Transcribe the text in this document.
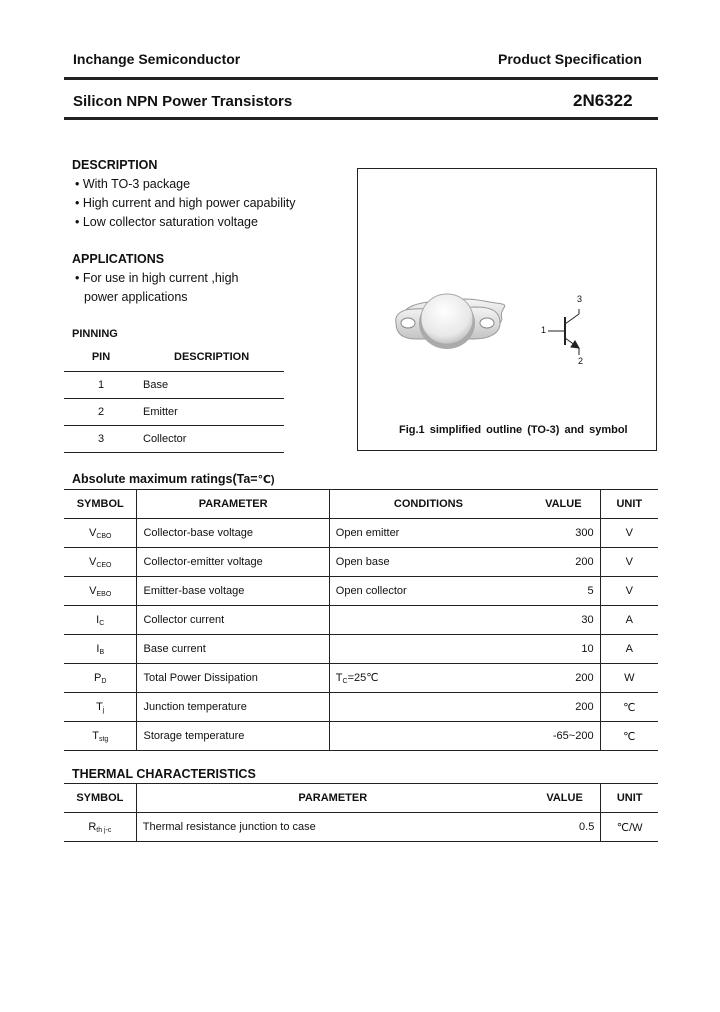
Inchange Semiconductor	Product Specification
Silicon NPN Power Transistors	2N6322
DESCRIPTION
• With TO-3 package
• High current and high power capability
• Low collector saturation voltage
APPLICATIONS
• For use in high current ,high
power applications
PINNING
PIN	DESCRIPTION
1	Base
2	Emitter
3	Collector
3
1
2
Fig.1 simplified outline (TO-3) and symbol
Absolute maximum ratings(Ta=℃)
SYMBOL	PARAMETER	CONDITIONS	VALUE	UNIT
$V_{CBO}$	Collector-base voltage	Open emitter	300	V
$V_{CEO}$	Collector-emitter voltage	Open base	200	V
$V_{EBO}$	Emitter-base voltage	Open collector	5	V
$I_C$	Collector current		30	A
$I_B$	Base current		10	A
$P_D$	Total Power Dissipation	$T_C=25℃$	200	W
$T_j$	Junction temperature		200	℃
$T_{stg}$	Storage temperature		-65~200	℃
THERMAL CHARACTERISTICS
SYMBOL	PARAMETER	VALUE	UNIT
$R_{th j-c}$	Thermal resistance junction to case	0.5	℃/W
